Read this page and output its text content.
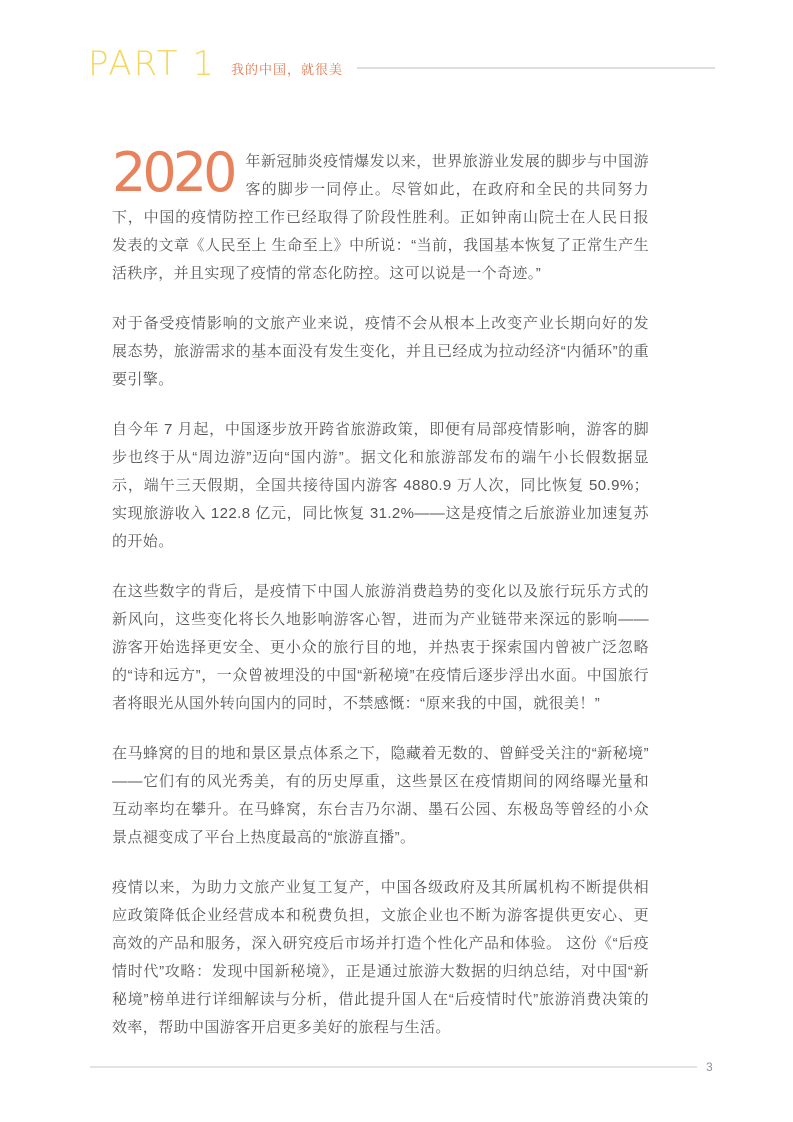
PART 1 我的中国，就很美
2020 年新冠肺炎疫情爆发以来，世界旅游业发展的脚步与中国游客的脚步一同停止。尽管如此，在政府和全民的共同努力下，中国的疫情防控工作已经取得了阶段性胜利。正如钟南山院士在人民日报发表的文章《人民至上 生命至上》中所说：“当前，我国基本恢复了正常生产生活秩序，并且实现了疫情的常态化防控。这可以说是一个奇迹。”

对于备受疫情影响的文旅产业来说，疫情不会从根本上改变产业长期向好的发展态势，旅游需求的基本面没有发生变化，并且已经成为拉动经济“内循环”的重要引擎。

自今年 7 月起，中国逐步放开跨省旅游政策，即便有局部疫情影响，游客的脚步也终于从“周边游”迈向“国内游”。据文化和旅游部发布的端午小长假数据显示，端午三天假期，全国共接待国内游客 4880.9 万人次，同比恢复 50.9%；实现旅游收入 122.8 亿元，同比恢复 31.2%——这是疫情之后旅游业加速复苏的开始。

在这些数字的背后，是疫情下中国人旅游消费趋势的变化以及旅行玩乐方式的新风向，这些变化将长久地影响游客心智，进而为产业链带来深远的影响——游客开始选择更安全、更小众的旅行目的地，并热衷于探索国内曾被广泛忽略的“诗和远方”，一众曾被埋没的中国“新秘境”在疫情后逐步浮出水面。中国旅行者将眼光从国外转向国内的同时，不禁感慨：“原来我的中国，就很美！”

在马蜂窝的目的地和景区景点体系之下，隐藏着无数的、曾鲜受关注的“新秘境”——它们有的风光秀美，有的历史厚重，这些景区在疫情期间的网络曝光量和互动率均在攀升。在马蜂窝，东台吉乃尔湖、墨石公园、东极岛等曾经的小众景点褪变成了平台上热度最高的“旅游直播”。

疫情以来，为助力文旅产业复工复产，中国各级政府及其所属机构不断提供相应政策降低企业经营成本和税费负担，文旅企业也不断为游客提供更安心、更高效的产品和服务，深入研究疫后市场并打造个性化产品和体验。 这份《“后疫情时代”攻略：发现中国新秘境》，正是通过旅游大数据的归纳总结，对中国“新秘境”榜单进行详细解读与分析，借此提升国人在“后疫情时代”旅游消费决策的效率，帮助中国游客开启更多美好的旅程与生活。

3
